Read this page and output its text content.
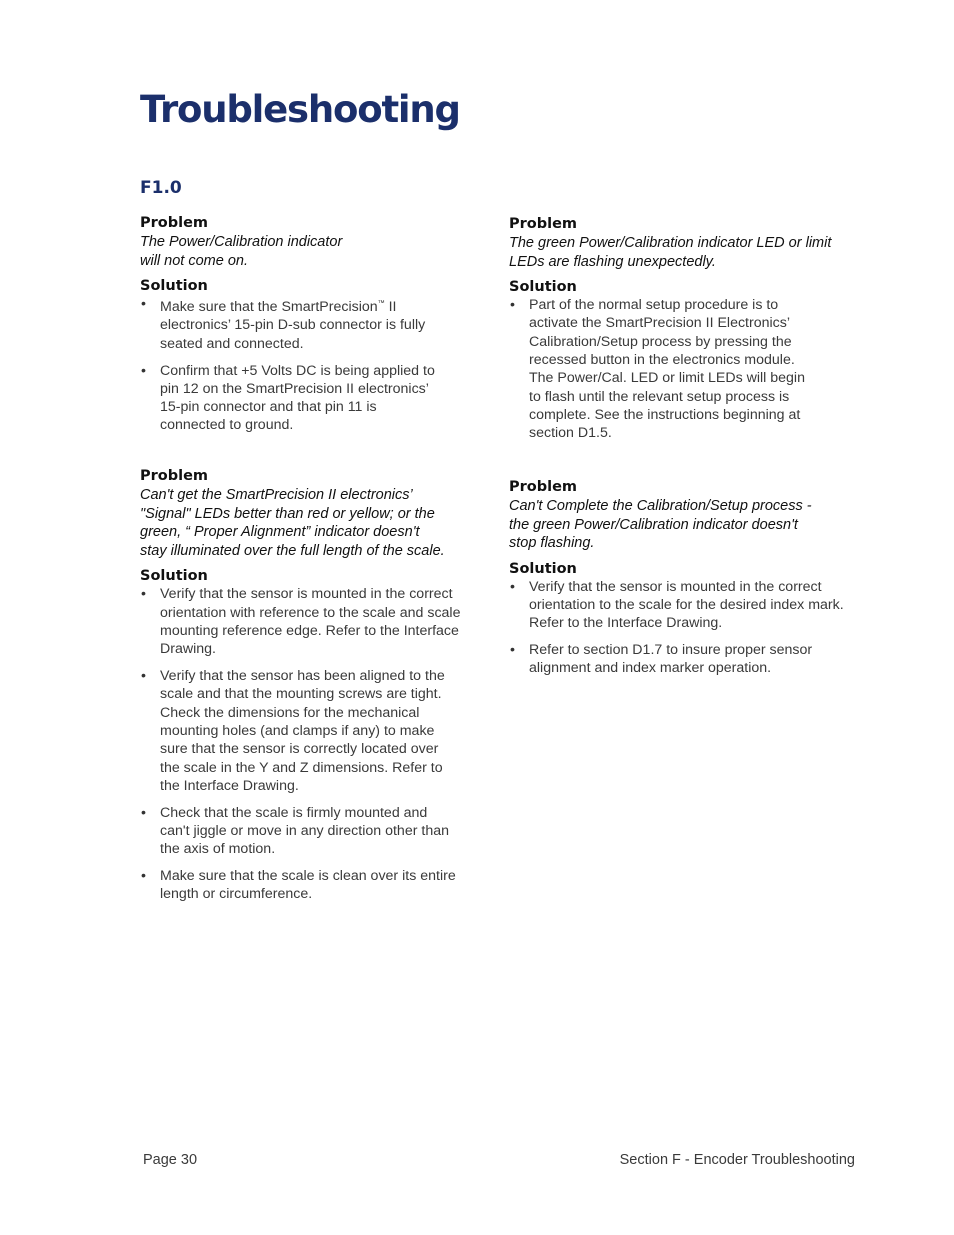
Troubleshooting
F1.0

Problem

The Power/Calibration indicator
will not come on.

Solution

• Make sure that the SmartPrecision™ II
electronics’ 15-pin D-sub connector is fully
seated and connected.
• Confirm that +5 Volts DC is being applied to
pin 12 on the SmartPrecision II electronics’
15-pin connector and that pin 11 is
connected to ground.

Problem

Can't get the SmartPrecision II electronics’
"Signal" LEDs better than red or yellow; or the
green, “ Proper Alignment” indicator doesn't
stay illuminated over the full length of the scale.

Solution

• Verify that the sensor is mounted in the correct
orientation with reference to the scale and scale
mounting reference edge. Refer to the Interface
Drawing.
• Verify that the sensor has been aligned to the
scale and that the mounting screws are tight.
Check the dimensions for the mechanical
mounting holes (and clamps if any) to make
sure that the sensor is correctly located over
the scale in the Y and Z dimensions. Refer to
the Interface Drawing.
• Check that the scale is firmly mounted and
can't jiggle or move in any direction other than
the axis of motion.
• Make sure that the scale is clean over its entire
length or circumference.

Problem

The green Power/Calibration indicator LED or limit
LEDs are flashing unexpectedly.

Solution

• Part of the normal setup procedure is to
activate the SmartPrecision II Electronics’
Calibration/Setup process by pressing the
recessed button in the electronics module.
The Power/Cal. LED or limit LEDs will begin
to flash until the relevant setup process is
complete. See the instructions beginning at
section D1.5.

Problem

Can't Complete the Calibration/Setup process -
the green Power/Calibration indicator doesn't
stop flashing.

Solution

• Verify that the sensor is mounted in the correct
orientation to the scale for the desired index mark.
Refer to the Interface Drawing.
• Refer to section D1.7 to insure proper sensor
alignment and index marker operation.
Page 30	Section F - Encoder Troubleshooting
